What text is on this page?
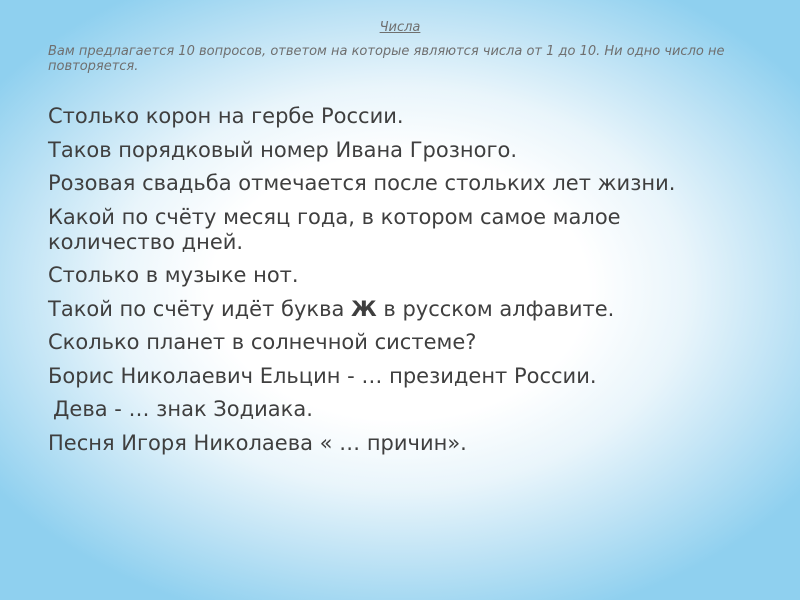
Числа
Вам предлагается 10 вопросов, ответом на которые являются числа от 1 до 10. Ни одно число не повторяется.
Столько корон на гербе России.
Таков порядковый номер Ивана Грозного.
Розовая свадьба отмечается после стольких лет жизни.
Какой по счёту месяц года, в котором самое малое количество дней.
Столько в музыке нот.
Такой по счёту идёт буква Ж в русском алфавите.
Сколько планет в солнечной системе?
Борис Николаевич Ельцин - … президент России.
Дева - … знак Зодиака.
Песня Игоря Николаева « … причин».
